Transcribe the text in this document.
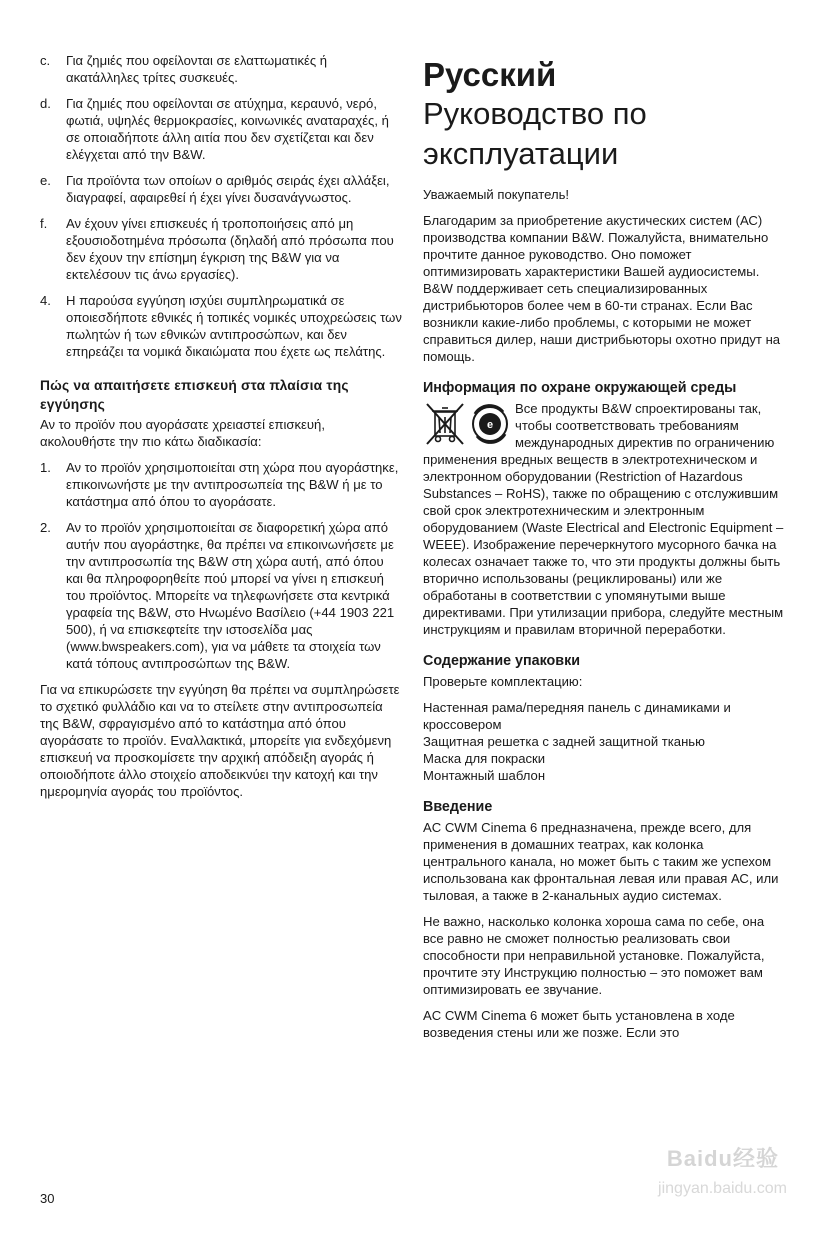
c.	Για ζημιές που οφείλονται σε ελαττωματικές ή ακατάλληλες τρίτες συσκευές.
d.	Για ζημιές που οφείλονται σε ατύχημα, κεραυνό, νερό, φωτιά, υψηλές θερμοκρασίες, κοινωνικές αναταραχές, ή σε οποιαδήποτε άλλη αιτία που δεν σχετίζεται και δεν ελέγχεται από την B&W.
e.	Για προϊόντα των οποίων ο αριθμός σειράς έχει αλλάξει, διαγραφεί, αφαιρεθεί ή έχει γίνει δυσανάγνωστος.
f.	Αν έχουν γίνει επισκευές ή τροποποιήσεις από μη εξουσιοδοτημένα πρόσωπα (δηλαδή από πρόσωπα που δεν έχουν την επίσημη έγκριση της B&W για να εκτελέσουν τις άνω εργασίες).
4.	Η παρούσα εγγύηση ισχύει συμπληρωματικά σε οποιεσδήποτε εθνικές ή τοπικές νομικές υποχρεώσεις των πωλητών ή των εθνικών αντιπροσώπων, και δεν επηρεάζει τα νομικά δικαιώματα που έχετε ως πελάτης.
Πώς να απαιτήσετε επισκευή στα πλαίσια της εγγύησης

Αν το προϊόν που αγοράσατε χρειαστεί επισκευή, ακολουθήστε την πιο κάτω διαδικασία:

1.	Αν το προϊόν χρησιμοποιείται στη χώρα που αγοράστηκε, επικοινωνήστε με την αντιπροσωπεία της B&W ή με το κατάστημα από όπου το αγοράσατε.
2.	Αν το προϊόν χρησιμοποιείται σε διαφορετική χώρα από αυτήν που αγοράστηκε, θα πρέπει να επικοινωνήσετε με την αντιπροσωπία της B&W στη χώρα αυτή, από όπου και θα πληροφορηθείτε πού μπορεί να γίνει η επισκευή του προϊόντος. Μπορείτε να τηλεφωνήσετε στα κεντρικά γραφεία της B&W, στο Ηνωμένο Βασίλειο (+44 1903 221 500), ή να επισκεφτείτε την ιστοσελίδα μας (www.bwspeakers.com), για να μάθετε τα στοιχεία των κατά τόπους αντιπροσώπων της B&W.

Για να επικυρώσετε την εγγύηση θα πρέπει να συμπληρώσετε το σχετικό φυλλάδιο και να το στείλετε στην αντιπροσωπεία της B&W, σφραγισμένο από το κατάστημα από όπου αγοράσατε το προϊόν. Εναλλακτικά, μπορείτε για ενδεχόμενη επισκευή να προσκομίσετε την αρχική απόδειξη αγοράς ή οποιοδήποτε άλλο στοιχείο αποδεικνύει την κατοχή και την ημερομηνία αγοράς του προϊόντος.

Русский
Руководство по эксплуатации

Уважаемый покупатель!

Благодарим за приобретение акустических систем (АС) производства компании B&W. Пожалуйста, внимательно прочтите данное руководство. Оно поможет оптимизировать характеристики Вашей аудиосистемы. B&W поддерживает сеть специализированных дистрибьюторов более чем в 60-ти странах. Если Вас возникли какие-либо проблемы, с которыми не может справиться дилер, наши дистрибьюторы охотно придут на помощь.

Информация по охране окружающей среды

e
Все продукты B&W спроектированы так, чтобы соответствовать требованиям международных директив по ограничению применения вредных веществ в электротехническом и электронном оборудовании (Restriction of Hazardous Substances – RoHS), также по обращению с отслужившим свой срок электротехническим и электронным оборудованием (Waste Electrical and Electronic Equipment – WEEE). Изображение перечеркнутого мусорного бачка на колесах означает также то, что эти продукты должны быть вторично использованы (рециклированы) или же обработаны в соответствии с упомянутыми выше директивами. При утилизации прибора, следуйте местным инструкциям и правилам вторичной переработки.

Содержание упаковки

Проверьте комплектацию:

Настенная рама/передняя панель с динамиками и кроссовером
Защитная решетка с задней защитной тканью
Маска для покраски
Монтажный шаблон
Введение

AC CWM Cinema 6 предназначена, прежде всего, для применения в домашних театрах, как колонка центрального канала, но может быть с таким же успехом использована как фронтальная левая или правая АС, или тыловая, а также в 2-канальных аудио системах.

Не важно, насколько колонка хороша сама по себе, она все равно не сможет полностью реализовать свои способности при неправильной установке. Пожалуйста, прочтите эту Инструкцию полностью – это поможет вам оптимизировать ее звучание.

AC CWM Cinema 6 может быть установлена в ходе возведения стены или же позже. Если это

30
Baidu经验
jingyan.baidu.com
